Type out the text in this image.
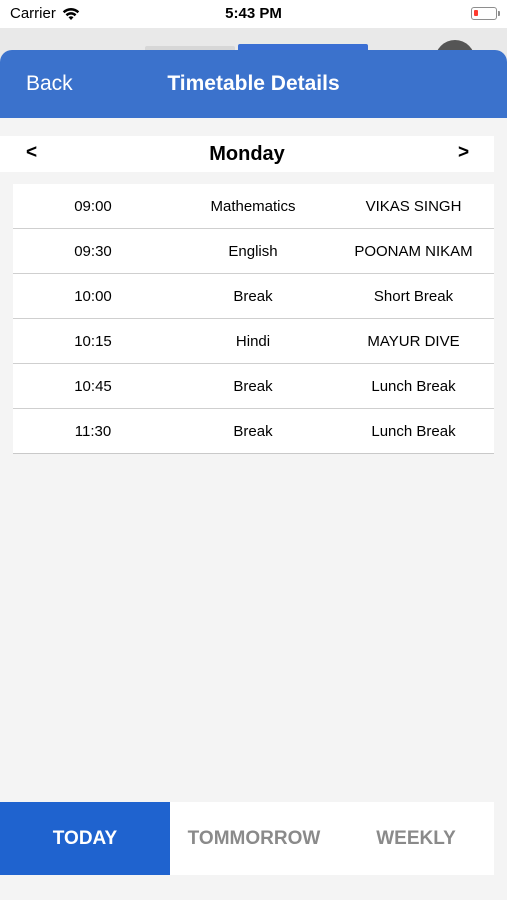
Carrier	5:43 PM
Back	Timetable Details
<	Monday	>
09:00	Mathematics	VIKAS SINGH
09:30	English	POONAM NIKAM
10:00	Break	Short Break
10:15	Hindi	MAYUR DIVE
10:45	Break	Lunch Break
11:30	Break	Lunch Break
TODAY	TOMMORROW	WEEKLY
